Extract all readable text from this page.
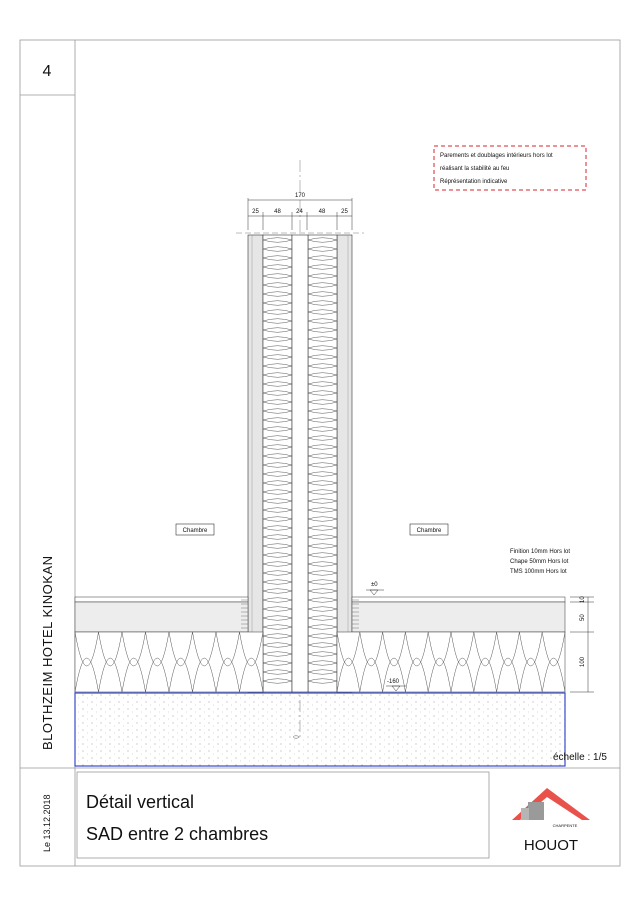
4
BLOTHZEIM HOTEL KINOKAN
Le 13.12.2018
Parements et doublages intérieurs hors lot
réalisant la stabilité au feu
Réprésentation indicative
170
25	48	24	48	25
Chambre	Chambre
Finition 10mm Hors lot
Chape 50mm Hors lot
TMS 100mm Hors lot
±0
-160
10
50
100
échelle : 1/5
Détail vertical
SAD entre 2 chambres	CHARPENTE
HOUOT
